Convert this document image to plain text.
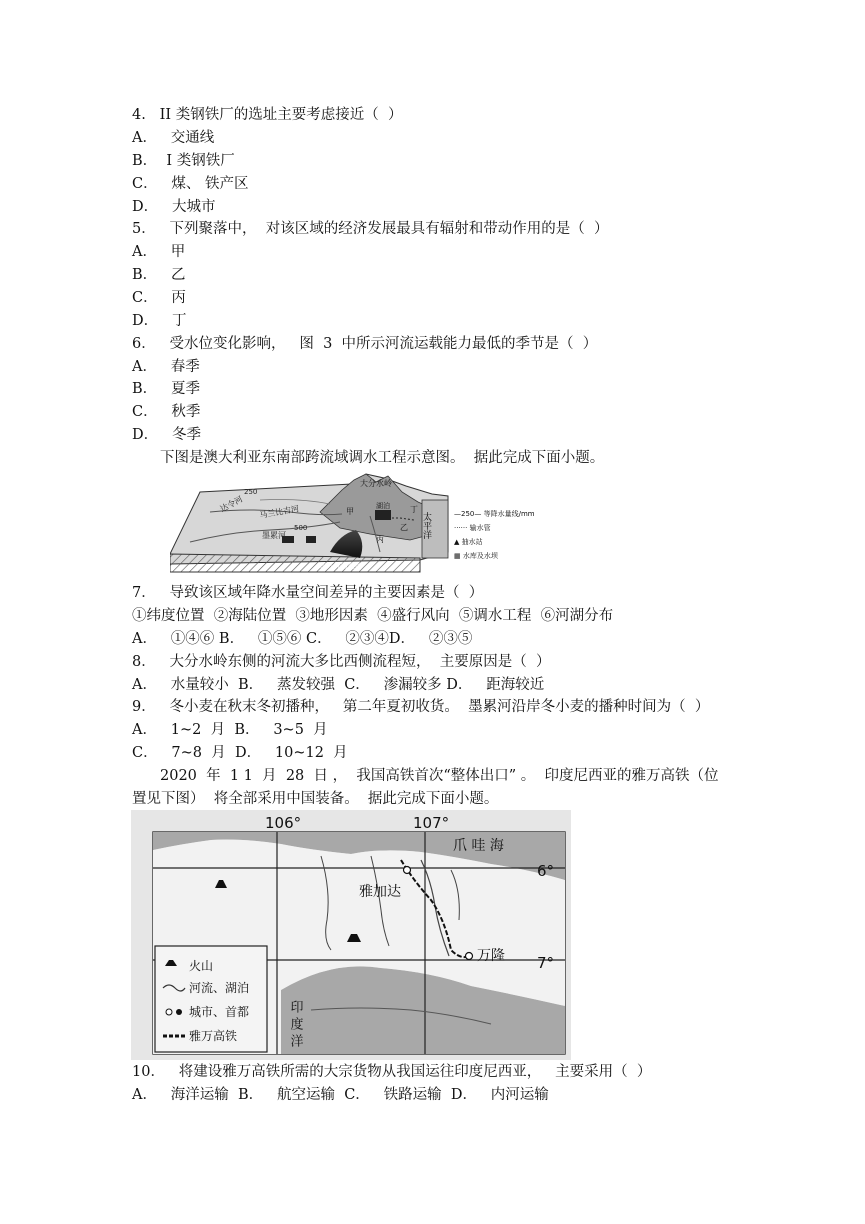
4.   II 类钢铁厂的选址主要考虑接近（  ）
A．   交通线
B．  I 类钢铁厂
C．   煤、 铁产区
D．   大城市
5．   下列聚落中，  对该区域的经济发展最具有辐射和带动作用的是（  ）
A．   甲
B．   乙
C．   丙
D．   丁
6．   受水位变化影响，   图  3  中所示河流运载能力最低的季节是（  ）
A．   春季
B．   夏季
C．   秋季
D．   冬季
下图是澳大利亚东南部跨流域调水工程示意图。  据此完成下面小题。
达令河
250
马兰比吉河
500
墨累河
大分水岭
湖泊
甲
乙
丙
丁
太平洋
流入洋防登海
—250— 等降水量线/mm
······ 输水管
▲ 抽水站
▦ 水库及水坝
7．   导致该区域年降水量空间差异的主要因素是（  ）
①纬度位置  ②海陆位置  ③地形因素  ④盛行风向  ⑤调水工程  ⑥河湖分布
A．   ①④⑥ B．   ①⑤⑥ C．   ②③④D．   ②③⑤
8．   大分水岭东侧的河流大多比西侧流程短，  主要原因是（  ）
A．   水量较小  B．   蒸发较强  C．   渗漏较多 D．   距海较近
9．   冬小麦在秋末冬初播种，   第二年夏初收货。  墨累河沿岸冬小麦的播种时间为（  ）
A．   1~2  月  B．   3~5  月
C．   7~8  月  D．   10~12  月
2020  年  1 1  月  28  日 ，  我国高铁首次“整体出口” 。  印度尼西亚的雅万高铁（位
置见下图）  将全部采用中国装备。  据此完成下面小题。
106°	107°
6°
7°
爪 哇 海
雅加达
万隆
印 度 洋
火山
河流、湖泊
城市、首都
雅万高铁
10．   将建设雅万高铁所需的大宗货物从我国运往印度尼西亚，   主要采用（  ）
A．   海洋运输  B．   航空运输  C．   铁路运输  D．   内河运输
